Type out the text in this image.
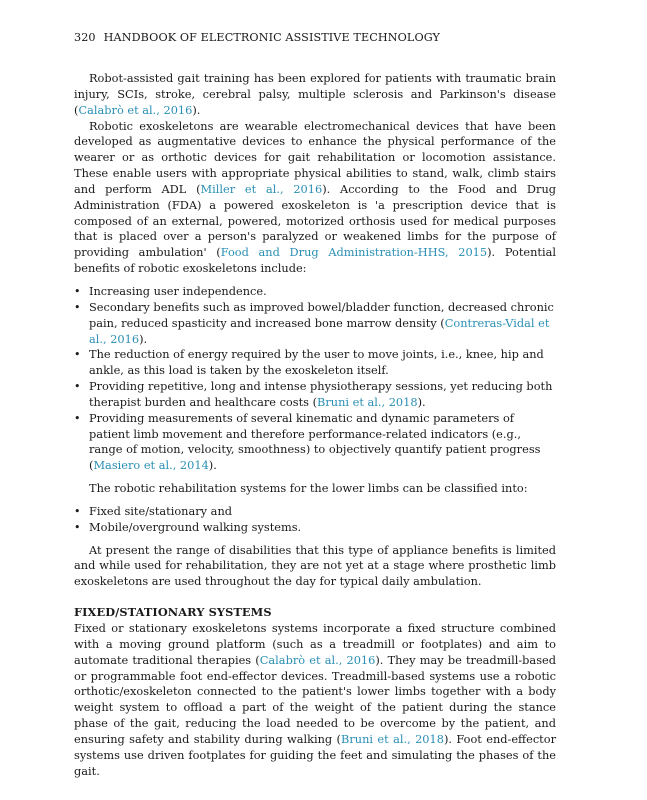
320 HANDBOOK OF ELECTRONIC ASSISTIVE TECHNOLOGY

Robot-assisted gait training has been explored for patients with traumatic brain injury, SCIs, stroke, cerebral palsy, multiple sclerosis and Parkinson's disease (Calabrò et al., 2016).

Robotic exoskeletons are wearable electromechanical devices that have been developed as augmentative devices to enhance the physical performance of the wearer or as orthotic devices for gait rehabilitation or locomotion assistance. These enable users with appropriate physical abilities to stand, walk, climb stairs and perform ADL (Miller et al., 2016). According to the Food and Drug Administration (FDA) a powered exoskeleton is 'a prescription device that is composed of an external, powered, motorized orthosis used for medical purposes that is placed over a person's paralyzed or weakened limbs for the purpose of providing ambulation' (Food and Drug Administration-HHS, 2015). Potential benefits of robotic exoskeletons include:

• Increasing user independence.
• Secondary benefits such as improved bowel/bladder function, decreased chronic pain, reduced spasticity and increased bone marrow density (Contreras-Vidal et al., 2016).
• The reduction of energy required by the user to move joints, i.e., knee, hip and ankle, as this load is taken by the exoskeleton itself.
• Providing repetitive, long and intense physiotherapy sessions, yet reducing both therapist burden and healthcare costs (Bruni et al., 2018).
• Providing measurements of several kinematic and dynamic parameters of patient limb movement and therefore performance-related indicators (e.g., range of motion, velocity, smoothness) to objectively quantify patient progress (Masiero et al., 2014).

The robotic rehabilitation systems for the lower limbs can be classified into:

• Fixed site/stationary and
• Mobile/overground walking systems.

At present the range of disabilities that this type of appliance benefits is limited and while used for rehabilitation, they are not yet at a stage where prosthetic limb exoskeletons are used throughout the day for typical daily ambulation.

FIXED/STATIONARY SYSTEMS

Fixed or stationary exoskeletons systems incorporate a fixed structure combined with a moving ground platform (such as a treadmill or footplates) and aim to automate traditional therapies (Calabrò et al., 2016). They may be treadmill-based or programmable foot end-effector devices. Treadmill-based systems use a robotic orthotic/exoskeleton connected to the patient's lower limbs together with a body weight system to offload a part of the weight of the patient during the stance phase of the gait, reducing the load needed to be overcome by the patient, and ensuring safety and stability during walking (Bruni et al., 2018). Foot end-effector systems use driven footplates for guiding the feet and simulating the phases of the gait.
